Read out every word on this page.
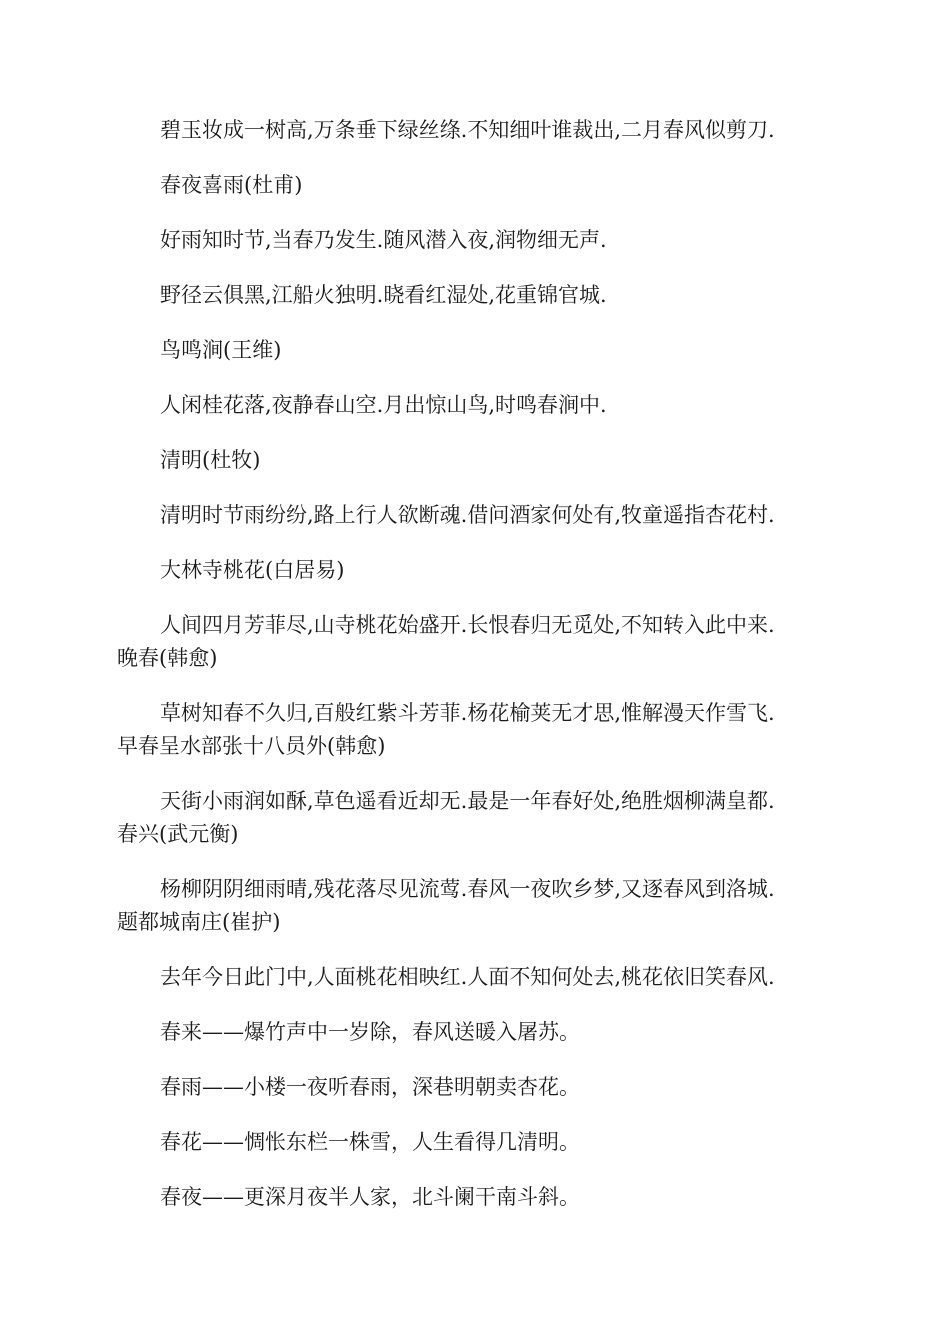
碧玉妆成一树高,万条垂下绿丝绦.不知细叶谁裁出,二月春风似剪刀.
春夜喜雨(杜甫)
好雨知时节,当春乃发生.随风潜入夜,润物细无声.
野径云俱黑,江船火独明.晓看红湿处,花重锦官城.
鸟鸣涧(王维)
人闲桂花落,夜静春山空.月出惊山鸟,时鸣春涧中.
清明(杜牧)
清明时节雨纷纷,路上行人欲断魂.借问酒家何处有,牧童遥指杏花村.
大林寺桃花(白居易)
人间四月芳菲尽,山寺桃花始盛开.长恨春归无觅处,不知转入此中来.
晚春(韩愈)
草树知春不久归,百般红紫斗芳菲.杨花榆荚无才思,惟解漫天作雪飞.
早春呈水部张十八员外(韩愈)
天街小雨润如酥,草色遥看近却无.最是一年春好处,绝胜烟柳满皇都.
春兴(武元衡)
杨柳阴阴细雨晴,残花落尽见流莺.春风一夜吹乡梦,又逐春风到洛城.
题都城南庄(崔护)
去年今日此门中,人面桃花相映红.人面不知何处去,桃花依旧笑春风.
春来——爆竹声中一岁除，春风送暖入屠苏。
春雨——小楼一夜听春雨，深巷明朝卖杏花。
春花——惆怅东栏一株雪，人生看得几清明。
春夜——更深月夜半人家，北斗阑干南斗斜。
